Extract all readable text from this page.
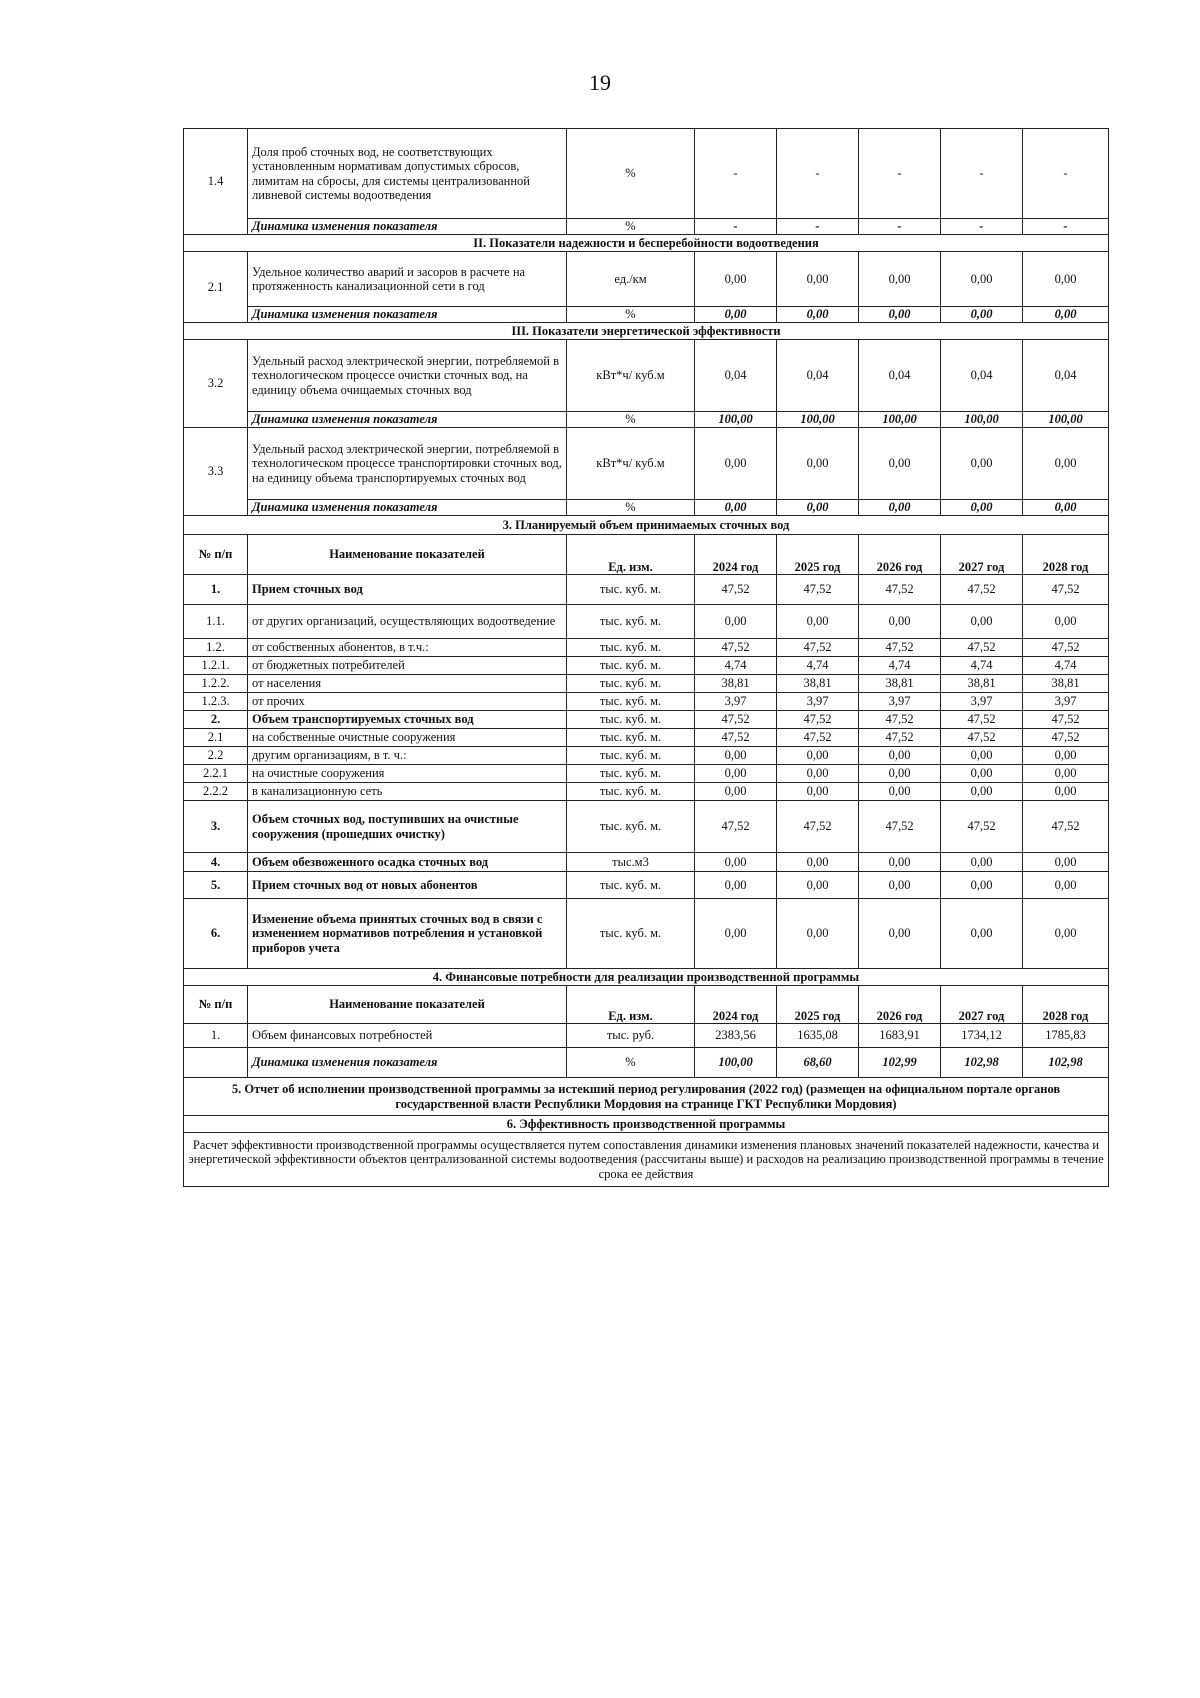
19
1.4	Доля проб сточных вод, не соответствующих установленным нормативам допустимых сбросов, лимитам на сбросы, для системы централизованной ливневой системы водоотведения	%	-	-	-	-	-
	Динамика изменения показателя	%	-	-	-	-	-
II. Показатели надежности и бесперебойности водоотведения							
2.1	Удельное количество аварий и засоров в расчете на протяженность канализационной сети в год	ед./км	0,00	0,00	0,00	0,00	0,00
	Динамика изменения показателя	%	0,00	0,00	0,00	0,00	0,00
III. Показатели энергетической эффективности							
3.2	Удельный расход электрической энергии, потребляемой в технологическом процессе очистки сточных вод, на единицу объема очищаемых сточных вод	кВт*ч/ куб.м	0,04	0,04	0,04	0,04	0,04
	Динамика изменения показателя	%	100,00	100,00	100,00	100,00	100,00
3.3	Удельный расход электрической энергии, потребляемой в технологическом процессе транспортировки сточных вод, на единицу объема транспортируемых сточных вод	кВт*ч/ куб.м	0,00	0,00	0,00	0,00	0,00
	Динамика изменения показателя	%	0,00	0,00	0,00	0,00	0,00
3. Планируемый объем принимаемых сточных вод							
№ п/п	Наименование показателей	Ед. изм.	2024 год	2025 год	2026 год	2027 год	2028 год
1.	Прием сточных вод	тыс. куб. м.	47,52	47,52	47,52	47,52	47,52
1.1.	от других организаций, осуществляющих водоотведение	тыс. куб. м.	0,00	0,00	0,00	0,00	0,00
1.2.	от собственных абонентов, в т.ч.:	тыс. куб. м.	47,52	47,52	47,52	47,52	47,52
1.2.1.	от бюджетных потребителей	тыс. куб. м.	4,74	4,74	4,74	4,74	4,74
1.2.2.	от населения	тыс. куб. м.	38,81	38,81	38,81	38,81	38,81
1.2.3.	от прочих	тыс. куб. м.	3,97	3,97	3,97	3,97	3,97
2.	Объем транспортируемых сточных вод	тыс. куб. м.	47,52	47,52	47,52	47,52	47,52
2.1	на собственные очистные сооружения	тыс. куб. м.	47,52	47,52	47,52	47,52	47,52
2.2	другим организациям, в т. ч.:	тыс. куб. м.	0,00	0,00	0,00	0,00	0,00
2.2.1	на очистные сооружения	тыс. куб. м.	0,00	0,00	0,00	0,00	0,00
2.2.2	в канализационную сеть	тыс. куб. м.	0,00	0,00	0,00	0,00	0,00
3.	Объем сточных вод, поступивших на очистные сооружения (прошедших очистку)	тыс. куб. м.	47,52	47,52	47,52	47,52	47,52
4.	Объем обезвоженного осадка сточных вод	тыс.м3	0,00	0,00	0,00	0,00	0,00
5.	Прием сточных вод от новых абонентов	тыс. куб. м.	0,00	0,00	0,00	0,00	0,00
6.	Изменение объема принятых сточных вод в связи с изменением нормативов потребления и установкой приборов учета	тыс. куб. м.	0,00	0,00	0,00	0,00	0,00
4. Финансовые потребности для реализации производственной программы							
№ п/п	Наименование показателей	Ед. изм.	2024 год	2025 год	2026 год	2027 год	2028 год
1.	Объем финансовых потребностей	тыс. руб.	2383,56	1635,08	1683,91	1734,12	1785,83
	Динамика изменения показателя	%	100,00	68,60	102,99	102,98	102,98
5. Отчет об исполнении производственной программы за истекший период регулирования (2022 год) (размещен на официальном портале органов государственной власти Республики Мордовия на странице ГКТ Республики Мордовия)							
6. Эффективность производственной программы							
Расчет эффективности производственной программы осуществляется путем сопоставления динамики изменения плановых значений показателей надежности, качества и энергетической эффективности объектов централизованной системы водоотведения (рассчитаны выше) и расходов на реализацию производственной программы в течение срока ее действия							
